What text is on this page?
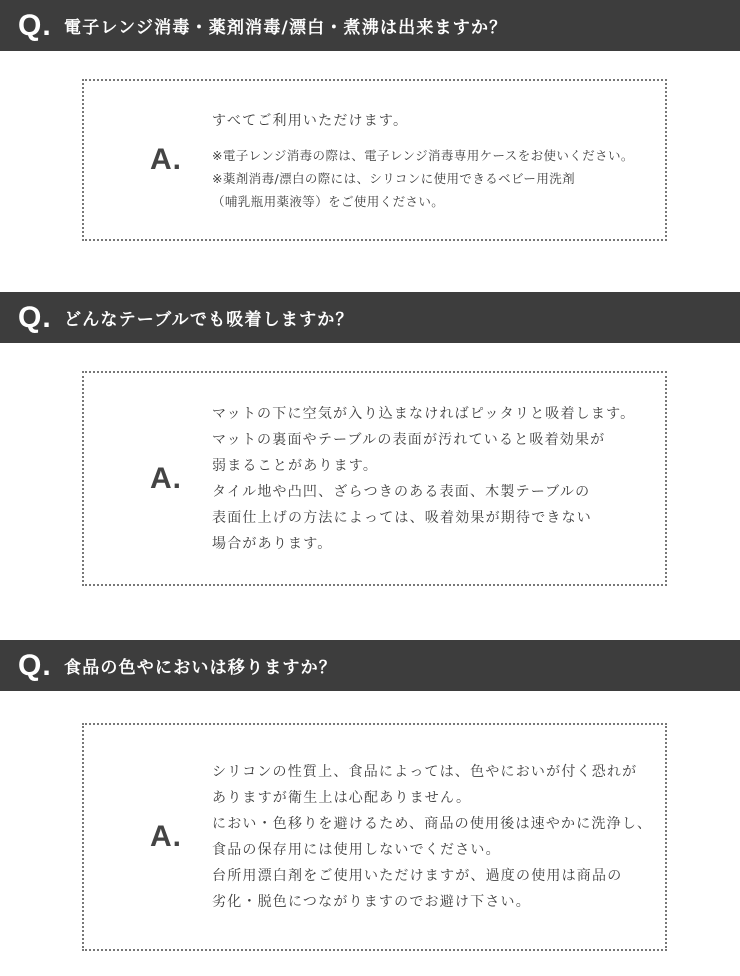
Q. 電子レンジ消毒・薬剤消毒/漂白・煮沸は出来ますか？
A.
すべてご利用いただけます。
※電子レンジ消毒の際は、電子レンジ消毒専用ケースをお使いください。
※薬剤消毒/漂白の際には、シリコンに使用できるベビー用洗剤
（哺乳瓶用薬液等）をご使用ください。
Q. どんなテーブルでも吸着しますか？
A.
マットの下に空気が入り込まなければピッタリと吸着します。
マットの裏面やテーブルの表面が汚れていると吸着効果が
弱まることがあります。
タイル地や凸凹、ざらつきのある表面、木製テーブルの
表面仕上げの方法によっては、吸着効果が期待できない
場合があります。
Q. 食品の色やにおいは移りますか？
A.
シリコンの性質上、食品によっては、色やにおいが付く恐れが
ありますが衛生上は心配ありません。
におい・色移りを避けるため、商品の使用後は速やかに洗浄し、
食品の保存用には使用しないでください。
台所用漂白剤をご使用いただけますが、過度の使用は商品の
劣化・脱色につながりますのでお避け下さい。
